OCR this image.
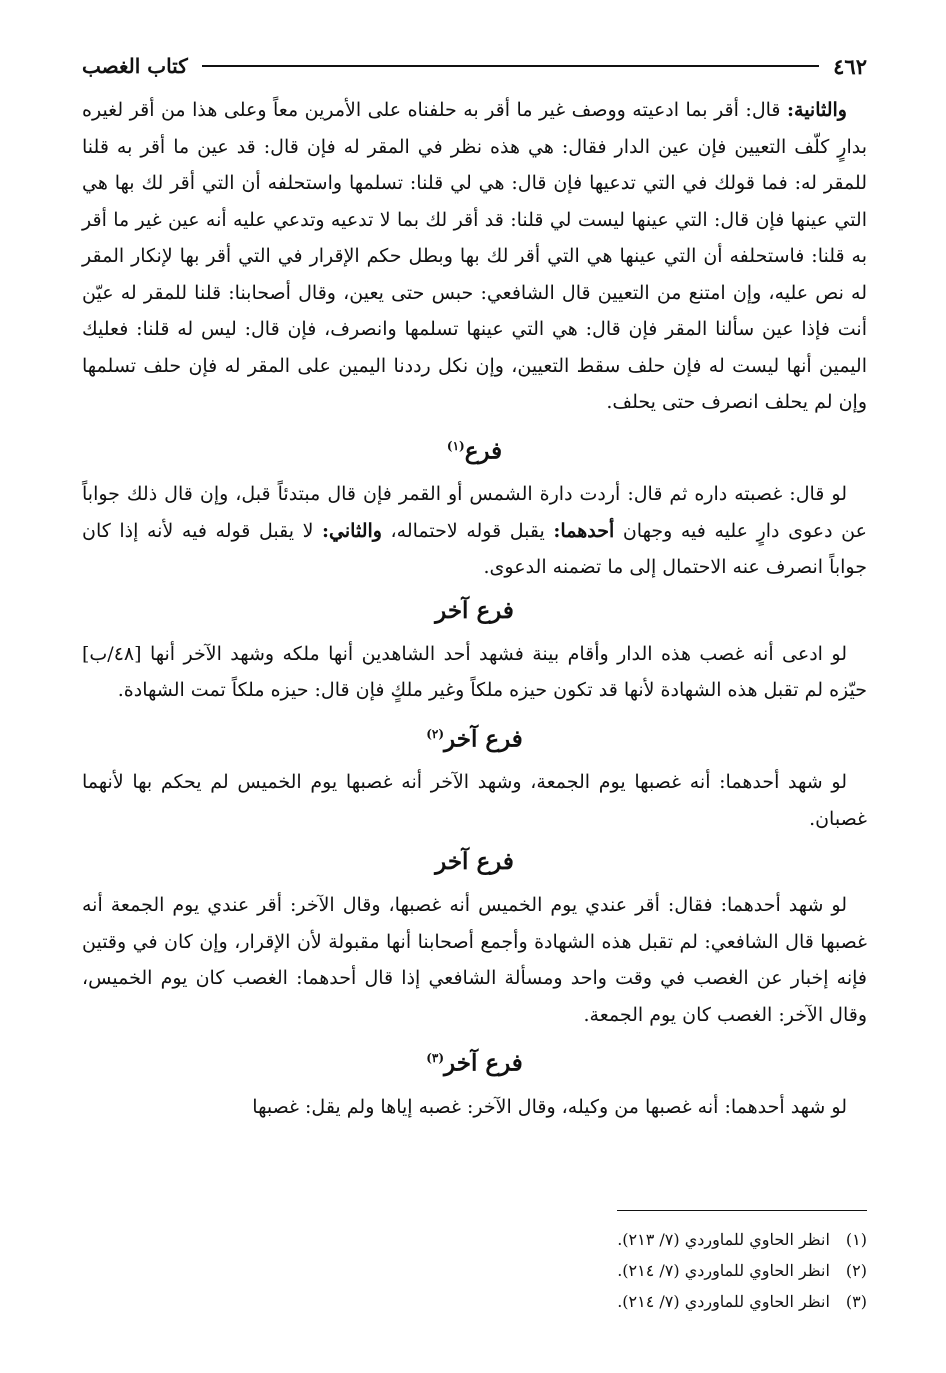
٤٦٢
كتاب الغصب

والثانية: قال: أقر بما ادعيته ووصف غير ما أقر به حلفناه على الأمرين معاً وعلى هذا من أقر لغيره بدارٍ كلّف التعيين فإن عين الدار فقال: هي هذه نظر في المقر له فإن قال: قد عين ما أقر به قلنا للمقر له: فما قولك في التي تدعيها فإن قال: هي لي قلنا: تسلمها واستحلفه أن التي أقر لك بها هي التي عينها فإن قال: التي عينها ليست لي قلنا: قد أقر لك بما لا تدعيه وتدعي عليه أنه عين غير ما أقر به قلنا: فاستحلفه أن التي عينها هي التي أقر لك بها وبطل حكم الإقرار في التي أقر بها لإنكار المقر له نص عليه، وإن امتنع من التعيين قال الشافعي: حبس حتى يعين، وقال أصحابنا: قلنا للمقر له عيّن أنت فإذا عين سألنا المقر فإن قال: هي التي عينها تسلمها وانصرف، فإن قال: ليس له قلنا: فعليك اليمين أنها ليست له فإن حلف سقط التعيين، وإن نكل رددنا اليمين على المقر له فإن حلف تسلمها وإن لم يحلف انصرف حتى يحلف.

فرع$^{(١)}$

لو قال: غصبته داره ثم قال: أردت دارة الشمس أو القمر فإن قال مبتدئاً قبل، وإن قال ذلك جواباً عن دعوى دارٍ عليه فيه وجهان أحدهما: يقبل قوله لاحتماله، والثاني: لا يقبل قوله فيه لأنه إذا كان جواباً انصرف عنه الاحتمال إلى ما تضمنه الدعوى.

فرع آخر

لو ادعى أنه غصب هذه الدار وأقام بينة فشهد أحد الشاهدين أنها ملكه وشهد الآخر أنها [٤٨/ب] حيّزه لم تقبل هذه الشهادة لأنها قد تكون حيزه ملكاً وغير ملكٍ فإن قال: حيزه ملكاً تمت الشهادة.

فرع آخر$^{(٢)}$

لو شهد أحدهما: أنه غصبها يوم الجمعة، وشهد الآخر أنه غصبها يوم الخميس لم يحكم بها لأنهما غصبان.

فرع آخر

لو شهد أحدهما: فقال: أقر عندي يوم الخميس أنه غصبها، وقال الآخر: أقر عندي يوم الجمعة أنه غصبها قال الشافعي: لم تقبل هذه الشهادة وأجمع أصحابنا أنها مقبولة لأن الإقرار، وإن كان في وقتين فإنه إخبار عن الغصب في وقت واحد ومسألة الشافعي إذا قال أحدهما: الغصب كان يوم الخميس، وقال الآخر: الغصب كان يوم الجمعة.

فرع آخر$^{(٣)}$

لو شهد أحدهما: أنه غصبها من وكيله، وقال الآخر: غصبه إياها ولم يقل: غصبها

(١)
انظر الحاوي للماوردي (٧/ ٢١٣).
(٢)
انظر الحاوي للماوردي (٧/ ٢١٤).
(٣)
انظر الحاوي للماوردي (٧/ ٢١٤).
